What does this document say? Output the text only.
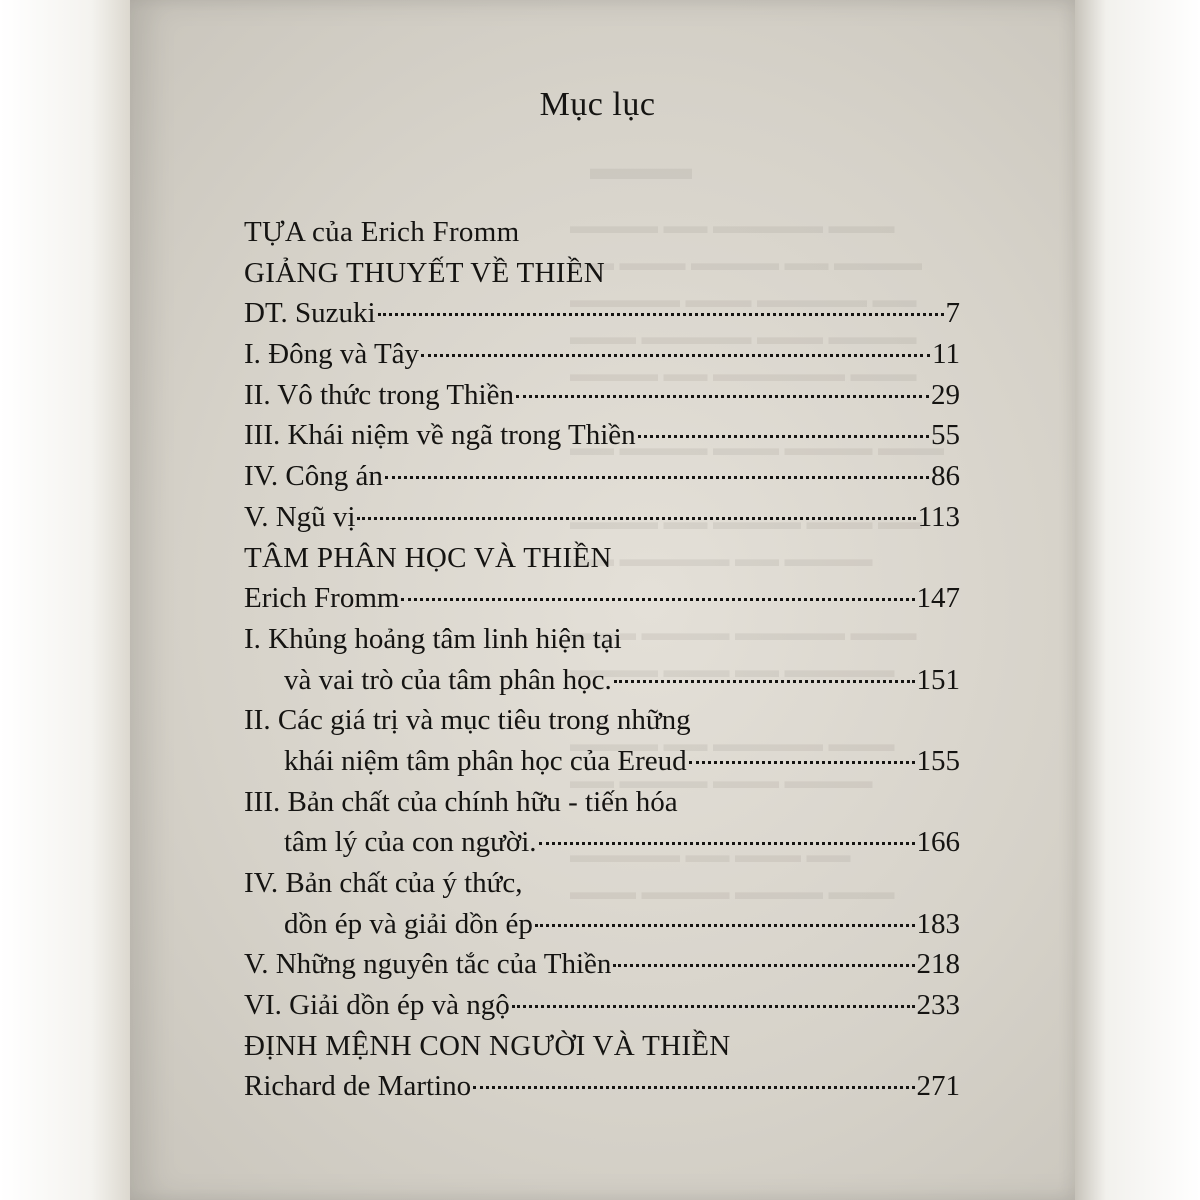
Mục lục
TỰA của Erich Fromm
GIẢNG THUYẾT VỀ THIỀN
DT. Suzuki	7
I. Đông và Tây	11
II. Vô thức trong Thiền	29
III. Khái niệm về ngã trong Thiền	55
IV. Công án	86
V. Ngũ vị	113
TÂM PHÂN HỌC VÀ THIỀN
Erich Fromm	147
I. Khủng hoảng tâm linh hiện tại
và vai trò của tâm phân học.	151
II. Các giá trị và mục tiêu trong những
khái niệm tâm phân học của Ereud	155
III. Bản chất của chính hữu - tiến hóa
tâm lý của con người.	166
IV. Bản chất của ý thức,
dồn ép và giải dồn ép	183
V. Những nguyên tắc của Thiền	218
VI. Giải dồn ép và ngộ	233
ĐỊNH MỆNH CON NGƯỜI VÀ THIỀN
Richard de Martino	271
